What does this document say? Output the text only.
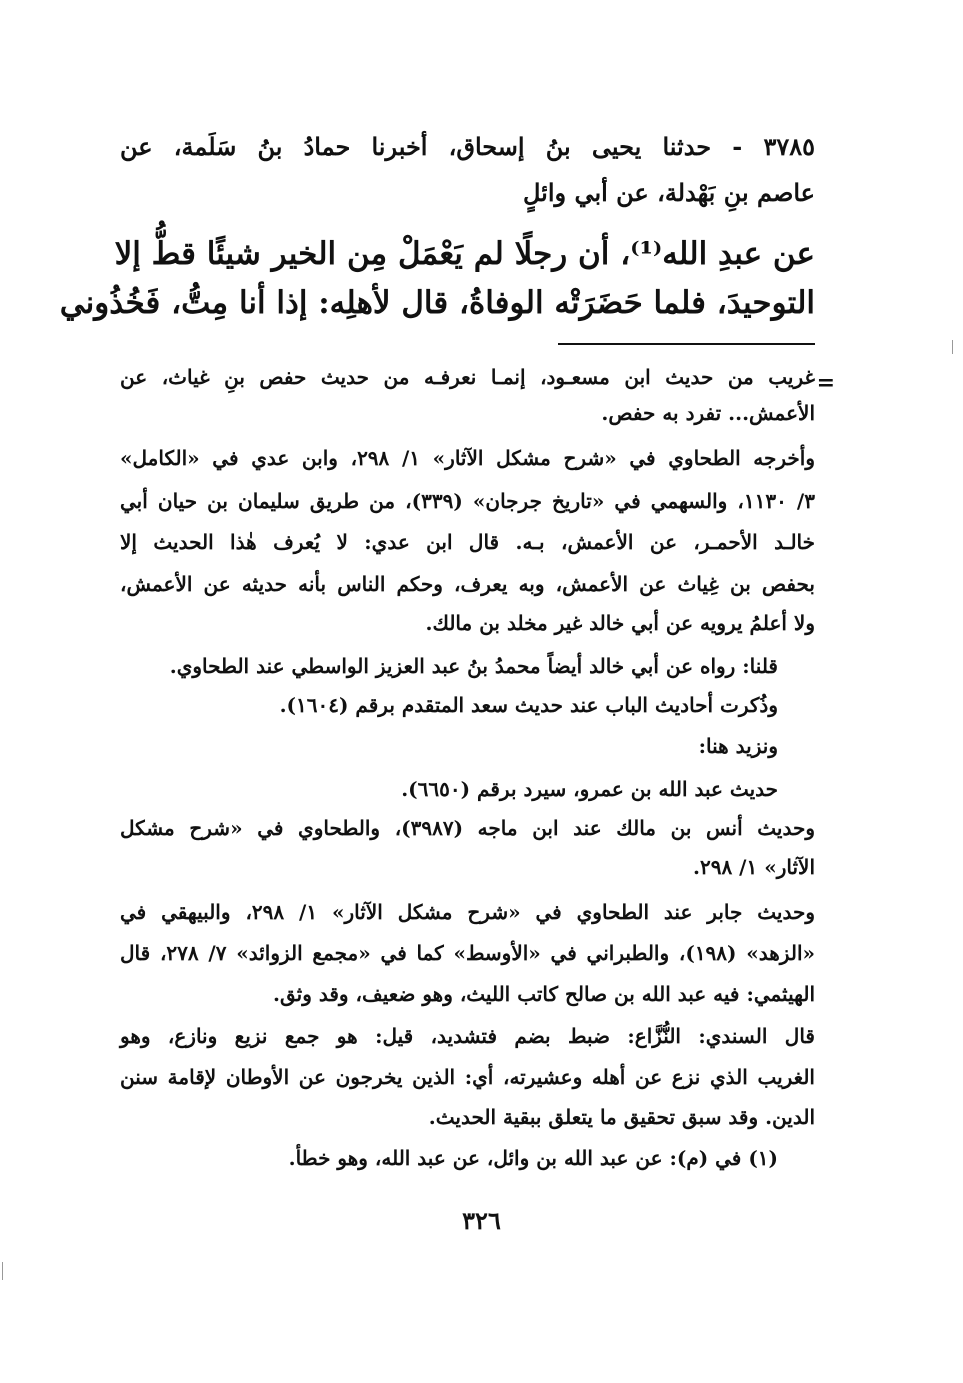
٣٧٨٥ - حدثنا يحيى بنُ إسحاق، أخبرنا حمادُ بنُ سَلَمة، عن
عاصم بنِ بَهْدلة، عن أبي وائلٍ
عن عبدِ الله⁽¹⁾، أن رجلًا لم يَعْمَلْ مِن الخير شيئًا قطُّ إلا
التوحيدَ، فلما حَضَرَتْه الوفاةُ، قال لأهلِه: إذا أنا مِتُّ، فَخُذُوني
=
غريب من حديث ابن مسعـود، إنمـا نعرفـه من حديث حفص بنِ غياث، عن
الأعمش... تفرد به حفص.
وأخرجه الطحاوي في «شرح مشكل الآثار» ١/ ٢٩٨، وابن عدي في «الكامل»
٣/ ١١٣٠، والسهمي في «تاريخ جرجان» (٣٣٩)، من طريق سليمان بن حيان أبي
خالـد الأحمـر، عن الأعمش، بـه. قال ابن عدي: لا يُعرف هٰذا الحديث إلا
بحفص بن غِياث عن الأعمش، وبه يعرف، وحكم الناس بأنه حديثه عن الأعمش،
ولا أعلمُ يرويه عن أبي خالد غير مخلد بن مالك.
قلنا: رواه عن أبي خالد أيضاً محمدُ بنُ عبد العزيز الواسطي عند الطحاوي.
وذُكرت أحاديث الباب عند حديث سعد المتقدم برقم (١٦٠٤).
ونزيد هنا:
حديث عبد الله بن عمرو، سيرد برقم (٦٦٥٠).
وحديث أنس بن مالك عند ابن ماجه (٣٩٨٧)، والطحاوي في «شرح مشكل
الآثار» ١/ ٢٩٨.
وحديث جابر عند الطحاوي في «شرح مشكل الآثار» ١/ ٢٩٨، والبيهقي في
«الزهد» (١٩٨)، والطبراني في «الأوسط» كما في «مجمع الزوائد» ٧/ ٢٧٨، قال
الهيثمي: فيه عبد الله بن صالح كاتب الليث، وهو ضعيف، وقد وثق.
قال السندي: النُّزَّاع: ضبط بضم فتشديد، قيل: هو جمع نزيع ونازع، وهو
الغريب الذي نزع عن أهله وعشيرته، أي: الذين يخرجون عن الأوطان لإقامة سنن
الدين. وقد سبق تحقيق ما يتعلق ببقية الحديث.
(١) في (م): عن عبد الله بن وائل، عن عبد الله، وهو خطأ.
٣٢٦
